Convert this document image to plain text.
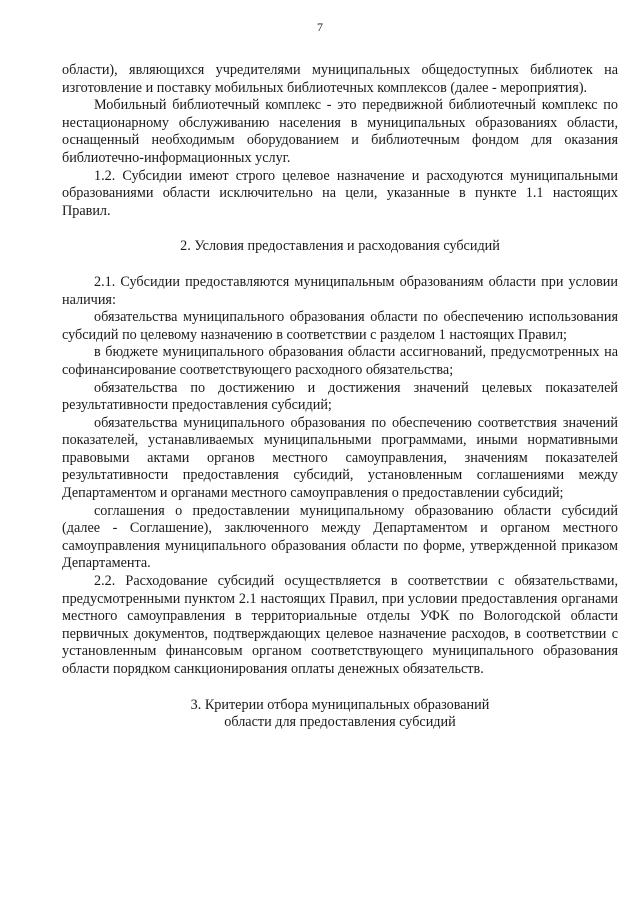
7

области), являющихся учредителями муниципальных общедоступных библиотек на изготовление и поставку мобильных библиотечных комплексов (далее - мероприятия).

Мобильный библиотечный комплекс - это передвижной библиотечный комплекс по нестационарному обслуживанию населения в муниципальных образованиях области, оснащенный необходимым оборудованием и библиотечным фондом для оказания библиотечно-информационных услуг.

1.2. Субсидии имеют строго целевое назначение и расходуются муниципальными образованиями области исключительно на цели, указанные в пункте 1.1 настоящих Правил.

2. Условия предоставления и расходования субсидий

2.1. Субсидии предоставляются муниципальным образованиям области при условии наличия:

обязательства муниципального образования области по обеспечению использования субсидий по целевому назначению в соответствии с разделом 1 настоящих Правил;

в бюджете муниципального образования области ассигнований, предусмотренных на софинансирование соответствующего расходного обязательства;

обязательства по достижению и достижения значений целевых показателей результативности предоставления субсидий;

обязательства муниципального образования по обеспечению соответствия значений показателей, устанавливаемых муниципальными программами, иными нормативными правовыми актами органов местного самоуправления, значениям показателей результативности предоставления субсидий, установленным соглашениями между Департаментом и органами местного самоуправления о предоставлении субсидий;

соглашения о предоставлении муниципальному образованию области субсидий (далее - Соглашение), заключенного между Департаментом и органом местного самоуправления муниципального образования области по форме, утвержденной приказом Департамента.

2.2. Расходование субсидий осуществляется в соответствии с обязательствами, предусмотренными пунктом 2.1 настоящих Правил, при условии предоставления органами местного самоуправления в территориальные отделы УФК по Вологодской области первичных документов, подтверждающих целевое назначение расходов, в соответствии с установленным финансовым органом соответствующего муниципального образования области порядком санкционирования оплаты денежных обязательств.

3. Критерии отбора муниципальных образований
области для предоставления субсидий
